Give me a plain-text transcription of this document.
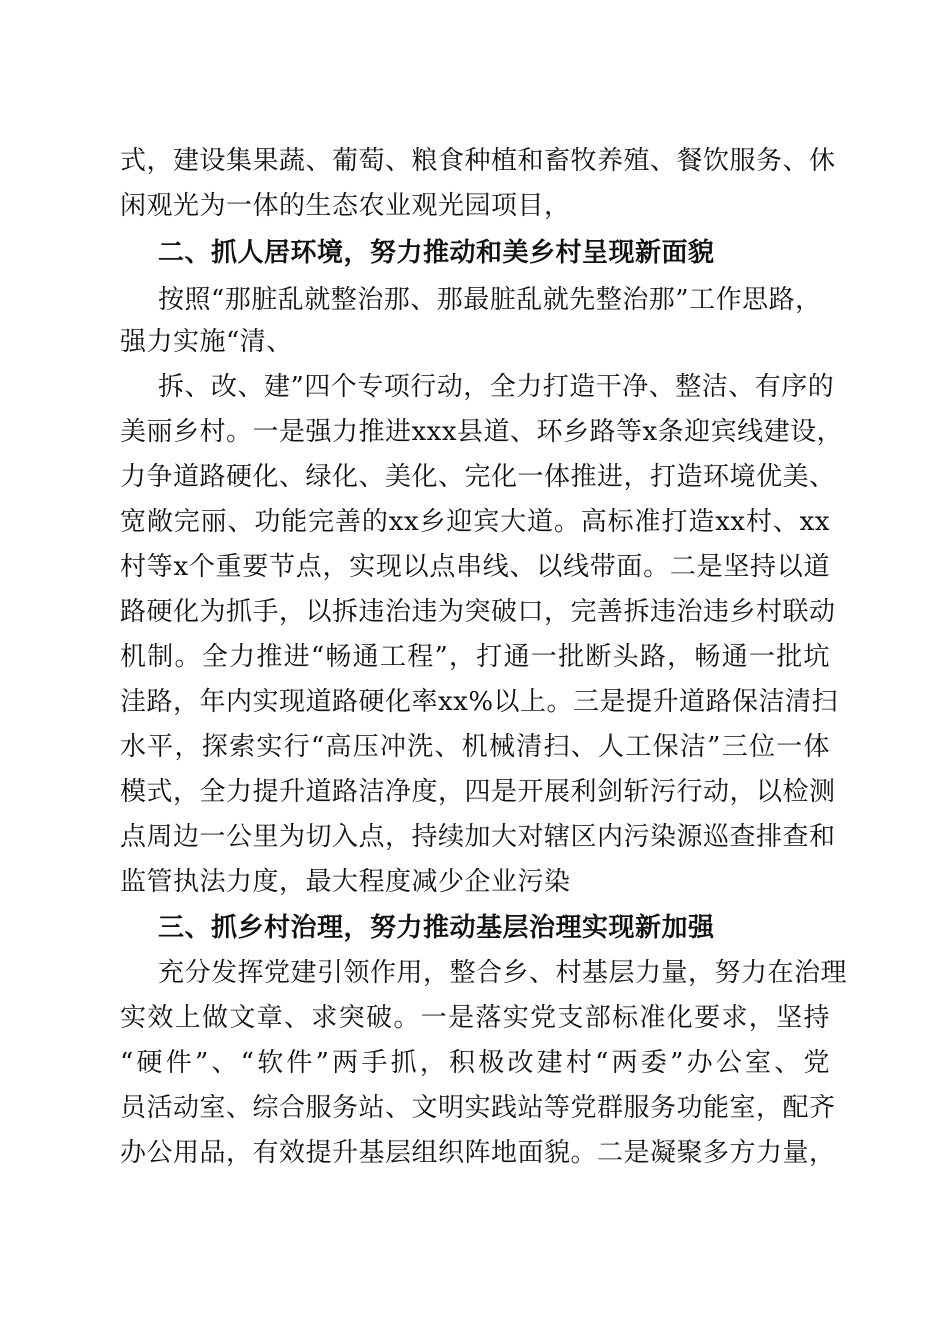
式，建设集果蔬、葡萄、粮食种植和畜牧养殖、餐饮服务、休
闲观光为一体的生态农业观光园项目，
二、抓人居环境，努力推动和美乡村呈现新面貌
按照“那脏乱就整治那、那最脏乱就先整治那”工作思路，
强力实施“清、
拆、改、建”四个专项行动，全力打造干净、整洁、有序的
美丽乡村。一是强力推进xxx县道、环乡路等x条迎宾线建设，
力争道路硬化、绿化、美化、完化一体推进，打造环境优美、
宽敞完丽、功能完善的xx乡迎宾大道。高标准打造xx村、xx
村等x个重要节点，实现以点串线、以线带面。二是坚持以道
路硬化为抓手，以拆违治违为突破口，完善拆违治违乡村联动
机制。全力推进“畅通工程”，打通一批断头路，畅通一批坑
洼路，年内实现道路硬化率xx%以上。三是提升道路保洁清扫
水平，探索实行“高压冲洗、机械清扫、人工保洁”三位一体
模式，全力提升道路洁净度，四是开展利剑斩污行动，以检测
点周边一公里为切入点，持续加大对辖区内污染源巡查排查和
监管执法力度，最大程度减少企业污染
三、抓乡村治理，努力推动基层治理实现新加强
充分发挥党建引领作用，整合乡、村基层力量，努力在治理
实效上做文章、求突破。一是落实党支部标准化要求，坚持
“硬件”、“软件”两手抓，积极改建村“两委”办公室、党
员活动室、综合服务站、文明实践站等党群服务功能室，配齐
办公用品，有效提升基层组织阵地面貌。二是凝聚多方力量，
